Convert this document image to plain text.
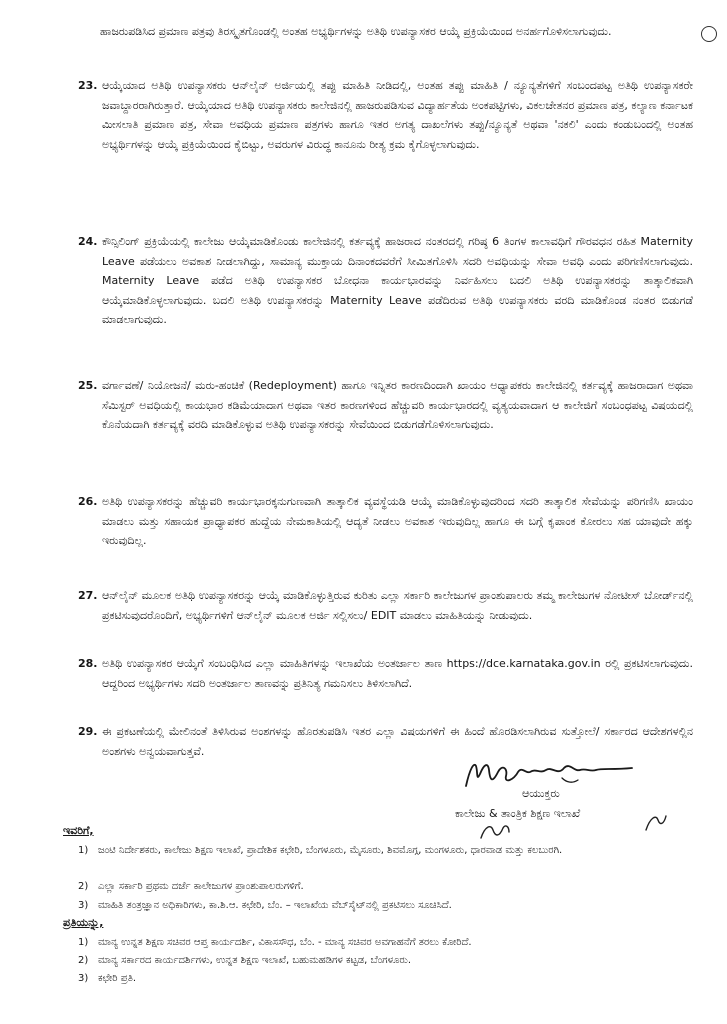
ಹಾಜರುಪಡಿಸಿದ ಪ್ರಮಾಣ ಪತ್ರವು ತಿರಸ್ಕೃತಗೊಂಡಲ್ಲಿ ಅಂತಹ ಅಭ್ಯರ್ಥಿಗಳನ್ನು ಅತಿಥಿ ಉಪನ್ಯಾಸಕರ ಆಯ್ಕೆ ಪ್ರಕ್ರಿಯೆಯಿಂದ ಅನರ್ಹಗೊಳಿಸಲಾಗುವುದು.
23. ಆಯ್ಕೆಯಾದ ಅತಿಥಿ ಉಪನ್ಯಾಸಕರು ಆನ್‌ಲೈನ್ ಅರ್ಜಿಯಲ್ಲಿ ತಪ್ಪು ಮಾಹಿತಿ ನೀಡಿದಲ್ಲಿ, ಅಂತಹ ತಪ್ಪು ಮಾಹಿತಿ / ನ್ಯೂನ್ಯತೆಗಳಿಗೆ ಸಂಬಂದಪಟ್ಟ ಅತಿಥಿ ಉಪನ್ಯಾಸಕರೇ ಜವಾಬ್ದಾರರಾಗಿರುತ್ತಾರೆ. ಆಯ್ಕೆಯಾದ ಅತಿಥಿ ಉಪನ್ಯಾಸಕರು ಕಾಲೇಜಿನಲ್ಲಿ ಹಾಜರುಪಡಿಸುವ ವಿದ್ಯಾರ್ಹತೆಯ ಅಂಕಪಟ್ಟಿಗಳು, ವಿಕಲಚೇತನರ ಪ್ರಮಾಣ ಪತ್ರ, ಕಲ್ಯಾಣ ಕರ್ನಾಟಕ ಮೀಸಲಾತಿ ಪ್ರಮಾಣ ಪತ್ರ, ಸೇವಾ ಅವಧಿಯ ಪ್ರಮಾಣ ಪತ್ರಗಳು ಹಾಗೂ ಇತರ ಅಗತ್ಯ ದಾಖಲೆಗಳು ತಪ್ಪು/ನ್ಯೂನ್ಯತೆ ಅಥವಾ 'ನಕಲಿ' ಎಂದು ಕಂಡುಬಂದಲ್ಲಿ ಅಂತಹ ಅಭ್ಯರ್ಥಿಗಳನ್ನು ಆಯ್ಕೆ ಪ್ರಕ್ರಿಯೆಯಿಂದ ಕೈಬಿಟ್ಟು, ಅವರುಗಳ ವಿರುದ್ಧ ಕಾನೂನು ರೀತ್ಯ ಕ್ರಮ ಕೈಗೊಳ್ಳಲಾಗುವುದು.
24. ಕೌನ್ಸಿಲಿಂಗ್ ಪ್ರಕ್ರಿಯೆಯಲ್ಲಿ ಕಾಲೇಜು ಆಯ್ಕೆಮಾಡಿಕೊಂಡು ಕಾಲೇಜಿನಲ್ಲಿ ಕರ್ತವ್ಯಕ್ಕೆ ಹಾಜರಾದ ನಂತರದಲ್ಲಿ ಗರಿಷ್ಠ 6 ತಿಂಗಳ ಕಾಲಾವಧಿಗೆ ಗೌರವಧನ ರಹಿತ Maternity Leave ಪಡೆಯಲು ಅವಕಾಶ ನೀಡಲಾಗಿದ್ದು, ಸಾಮಾನ್ಯ ಮುಕ್ತಾಯ ದಿನಾಂಕದವರೆಗೆ ಸೀಮಿತಗೊಳಿಸಿ ಸದರಿ ಅವಧಿಯನ್ನು ಸೇವಾ ಅವಧಿ ಎಂದು ಪರಿಗಣಿಸಲಾಗುವುದು. Maternity Leave ಪಡೆದ ಅತಿಥಿ ಉಪನ್ಯಾಸಕರ ಬೋಧನಾ ಕಾರ್ಯಭಾರವನ್ನು ನಿರ್ವಹಿಸಲು ಬದಲಿ ಅತಿಥಿ ಉಪನ್ಯಾಸಕರನ್ನು ತಾತ್ಕಾಲಿಕವಾಗಿ ಆಯ್ಕೆಮಾಡಿಕೊಳ್ಳಲಾಗುವುದು. ಬದಲಿ ಅತಿಥಿ ಉಪನ್ಯಾಸಕರನ್ನು Maternity Leave ಪಡೆದಿರುವ ಅತಿಥಿ ಉಪನ್ಯಾಸಕರು ವರದಿ ಮಾಡಿಕೊಂಡ ನಂತರ ಬಿಡುಗಡೆ ಮಾಡಲಾಗುವುದು.
25. ವರ್ಗಾವಣೆ/ ನಿಯೋಜನೆ/ ಮರು-ಹಂಚಿಕೆ (Redeployment) ಹಾಗೂ ಇನ್ನಿತರ ಕಾರಣದಿಂದಾಗಿ ಖಾಯಂ ಅಧ್ಯಾಪಕರು ಕಾಲೇಜಿನಲ್ಲಿ ಕರ್ತವ್ಯಕ್ಕೆ ಹಾಜರಾದಾಗ ಅಥವಾ ಸೆಮಿಸ್ಟರ್ ಅವಧಿಯಲ್ಲಿ ಕಾಯಭಾರ ಕಡಿಮೆಯಾದಾಗ ಅಥವಾ ಇತರ ಕಾರಣಗಳಿಂದ ಹೆಚ್ಚುವರಿ ಕಾರ್ಯಭಾರದಲ್ಲಿ ವ್ಯತ್ಯಯವಾದಾಗ ಆ ಕಾಲೇಜಿಗೆ ಸಂಬಂಧಪಟ್ಟ ವಿಷಯದಲ್ಲಿ ಕೊನೆಯದಾಗಿ ಕರ್ತವ್ಯಕ್ಕೆ ವರದಿ ಮಾಡಿಕೊಳ್ಳುವ ಅತಿಥಿ ಉಪನ್ಯಾಸಕರನ್ನು ಸೇವೆಯಿಂದ ಬಿಡುಗಡೆಗೊಳಿಸಲಾಗುವುದು.
26. ಅತಿಥಿ ಉಪನ್ಯಾಸಕರನ್ನು ಹೆಚ್ಚುವರಿ ಕಾರ್ಯಭಾರಕ್ಕನುಗುಣವಾಗಿ ತಾತ್ಕಾಲಿಕ ವ್ಯವಸ್ಥೆಯಡಿ ಆಯ್ಕೆ ಮಾಡಿಕೊಳ್ಳುವುದರಿಂದ ಸದರಿ ತಾತ್ಕಾಲಿಕ ಸೇವೆಯನ್ನು ಪರಿಗಣಿಸಿ ಖಾಯಂ ಮಾಡಲು ಮತ್ತು ಸಹಾಯಕ ಪ್ರಾಧ್ಯಾಪಕರ ಹುದ್ದೆಯ ನೇಮಕಾತಿಯಲ್ಲಿ ಆದ್ಯತೆ ನೀಡಲು ಅವಕಾಶ ಇರುವುದಿಲ್ಲ ಹಾಗೂ ಈ ಬಗ್ಗೆ ಕೃಪಾಂಕ ಕೋರಲು ಸಹ ಯಾವುದೇ ಹಕ್ಕು ಇರುವುದಿಲ್ಲ.
27. ಆನ್‌ಲೈನ್ ಮೂಲಕ ಅತಿಥಿ ಉಪನ್ಯಾಸಕರನ್ನು ಆಯ್ಕೆ ಮಾಡಿಕೊಳ್ಳುತ್ತಿರುವ ಕುರಿತು ಎಲ್ಲಾ ಸರ್ಕಾರಿ ಕಾಲೇಜುಗಳ ಪ್ರಾಂಶುಪಾಲರು ತಮ್ಮ ಕಾಲೇಜುಗಳ ನೋಟೀಸ್ ಬೋರ್ಡ್‌ನಲ್ಲಿ ಪ್ರಕಟಿಸುವುದರೊಂದಿಗೆ, ಅಭ್ಯರ್ಥಿಗಳಿಗೆ ಆನ್‌ಲೈನ್ ಮೂಲಕ ಅರ್ಜಿ ಸಲ್ಲಿಸಲು/ EDIT ಮಾಡಲು ಮಾಹಿತಿಯನ್ನು ನೀಡುವುದು.
28. ಅತಿಥಿ ಉಪನ್ಯಾಸಕರ ಆಯ್ಕೆಗೆ ಸಂಬಂಧಿಸಿದ ಎಲ್ಲಾ ಮಾಹಿತಿಗಳನ್ನು ಇಲಾಖೆಯ ಅಂತರ್ಜಾಲ ತಾಣ https://dce.karnataka.gov.in ರಲ್ಲಿ ಪ್ರಕಟಿಸಲಾಗುವುದು. ಆದ್ದರಿಂದ ಅಭ್ಯರ್ಥಿಗಳು ಸದರಿ ಅಂತರ್ಜಾಲ ತಾಣವನ್ನು ಪ್ರತಿನಿತ್ಯ ಗಮನಿಸಲು ತಿಳಿಸಲಾಗಿದೆ.
29. ಈ ಪ್ರಕಟಣೆಯಲ್ಲಿ ಮೇಲಿನಂತೆ ತಿಳಿಸಿರುವ ಅಂಶಗಳನ್ನು ಹೊರತುಪಡಿಸಿ ಇತರ ಎಲ್ಲಾ ವಿಷಯಗಳಿಗೆ ಈ ಹಿಂದೆ ಹೊರಡಿಸಲಾಗಿರುವ ಸುತ್ತೋಲೆ/ ಸರ್ಕಾರದ ಆದೇಶಗಳಲ್ಲಿನ ಅಂಶಗಳು ಅನ್ವಯವಾಗುತ್ತವೆ.
ಆಯುಕ್ತರು
ಕಾಲೇಜು & ತಾಂತ್ರಿಕ ಶಿಕ್ಷಣ ಇಲಾಖೆ
ಇವರಿಗೆ,
1) ಜಂಟಿ ನಿರ್ದೇಶಕರು, ಕಾಲೇಜು ಶಿಕ್ಷಣ ಇಲಾಖೆ, ಪ್ರಾದೇಶಿಕ ಕಛೇರಿ, ಬೆಂಗಳೂರು, ಮೈಸೂರು, ಶಿವಮೊಗ್ಗ, ಮಂಗಳೂರು, ಧಾರವಾಡ ಮತ್ತು ಕಲಬುರಗಿ.
2) ಎಲ್ಲಾ ಸರ್ಕಾರಿ ಪ್ರಥಮ ದರ್ಜೆ ಕಾಲೇಜುಗಳ ಪ್ರಾಂಶುಪಾಲರುಗಳಿಗೆ.
3) ಮಾಹಿತಿ ತಂತ್ರಜ್ಞಾನ ಅಧಿಕಾರಿಗಳು, ಕಾ.ಶಿ.ಆ. ಕಛೇರಿ, ಬೆಂ. – ಇಲಾಖೆಯ ವೆಬ್‌ಸೈಟ್‌ನಲ್ಲಿ ಪ್ರಕಟಿಸಲು ಸೂಚಿಸಿದೆ.
ಪ್ರತಿಯನ್ನು,
1) ಮಾನ್ಯ ಉನ್ನತ ಶಿಕ್ಷಣ ಸಚಿವರ ಆಪ್ತ ಕಾರ್ಯದರ್ಶಿ, ವಿಕಾಸಸೌಧ, ಬೆಂ. - ಮಾನ್ಯ ಸಚಿವರ ಅವಗಾಹನೆಗೆ ತರಲು ಕೋರಿದೆ.
2) ಮಾನ್ಯ ಸರ್ಕಾರದ ಕಾರ್ಯದರ್ಶಿಗಳು, ಉನ್ನತ ಶಿಕ್ಷಣ ಇಲಾಖೆ, ಬಹುಮಹಡಿಗಳ ಕಟ್ಟಡ, ಬೆಂಗಳೂರು.
3) ಕಛೇರಿ ಪ್ರತಿ.
